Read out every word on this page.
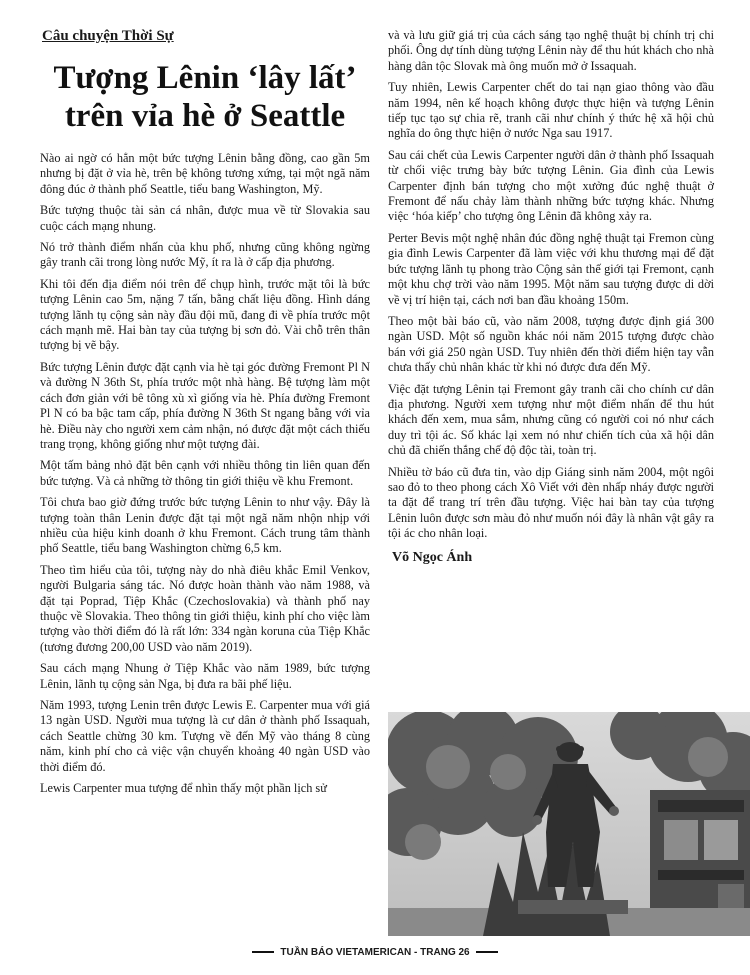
Câu chuyện Thời Sự
Tượng Lênin ‘lây lất’
trên vỉa hè ở Seattle

Nào ai ngờ có hẳn một bức tượng Lênin bằng đồng, cao gần 5m nhưng bị đặt ở vỉa hè, trên bệ không tương xứng, tại một ngã năm đông đúc ở thành phố Seattle, tiểu bang Washington, Mỹ.

Bức tượng thuộc tài sản cá nhân, được mua về từ Slovakia sau cuộc cách mạng nhung.

Nó trở thành điểm nhấn của khu phố, nhưng cũng không ngừng gây tranh cãi trong lòng nước Mỹ, ít ra là ở cấp địa phương.

Khi tôi đến địa điểm nói trên để chụp hình, trước mặt tôi là bức tượng Lênin cao 5m, nặng 7 tấn, bằng chất liệu đồng. Hình dáng tượng lãnh tụ cộng sản này đầu đội mũ, đang đi về phía trước một cách mạnh mẽ. Hai bàn tay của tượng bị sơn đỏ. Vài chỗ trên thân tượng bị vẽ bậy.

Bức tượng Lênin được đặt cạnh vỉa hè tại góc đường Fremont Pl N và đường N 36th St, phía trước một nhà hàng. Bệ tượng làm một cách đơn giản với bê tông xù xì giống vỉa hè. Phía đường Fremont Pl N có ba bậc tam cấp, phía đường N 36th St ngang bằng với vỉa hè. Điều này cho người xem cảm nhận, nó được đặt một cách thiếu trang trọng, không giống như một tượng đài.

Một tấm bảng nhỏ đặt bên cạnh với nhiều thông tin liên quan đến bức tượng. Và cả những tờ thông tin giới thiệu về khu Fremont.

Tôi chưa bao giờ đứng trước bức tượng Lênin to như vậy. Đây là tượng toàn thân Lenin được đặt tại một ngã năm nhộn nhịp với nhiều của hiệu kinh doanh ở khu Fremont. Cách trung tâm thành phố Seattle, tiểu bang Washington chừng 6,5 km.

Theo tìm hiểu của tôi, tượng này do nhà điêu khắc Emil Venkov, người Bulgaria sáng tác. Nó được hoàn thành vào năm 1988, và đặt tại Poprad, Tiệp Khắc (Czechoslovakia) và thành phố nay thuộc về Slovakia. Theo thông tin giới thiệu, kinh phí cho việc làm tượng vào thời điểm đó là rất lớn: 334 ngàn koruna của Tiệp Khắc (tương đương 200,00 USD vào năm 2019).

Sau cách mạng Nhung ở Tiệp Khắc vào năm 1989, bức tượng Lênin, lãnh tụ cộng sản Nga, bị đưa ra bãi phế liệu.

Năm 1993, tượng Lenin trên được Lewis E. Carpenter mua với giá 13 ngàn USD. Người mua tượng là cư dân ở thành phố Issaquah, cách Seattle chừng 30 km. Tượng về đến Mỹ vào tháng 8 cùng năm, kinh phí cho cả việc vận chuyển khoảng 40 ngàn USD vào thời điểm đó.

Lewis Carpenter mua tượng để nhìn thấy một phần lịch sử

và và lưu giữ giá trị của cách sáng tạo nghệ thuật bị chính trị chi phối. Ông dự tính dùng tượng Lênin này để thu hút khách cho nhà hàng dân tộc Slovak mà ông muốn mở ở Issaquah.

Tuy nhiên, Lewis Carpenter chết do tai nạn giao thông vào đầu năm 1994, nên kế hoạch không được thực hiện và tượng Lênin tiếp tục tạo sự chia rẽ, tranh cãi như chính ý thức hệ xã hội chủ nghĩa do ông thực hiện ở nước Nga sau 1917.

Sau cái chết của Lewis Carpenter người dân ở thành phố Issaquah từ chối việc trưng bày bức tượng Lênin. Gia đình của Lewis Carpenter định bán tượng cho một xưởng đúc nghệ thuật ở Fremont để nấu chảy làm thành những bức tượng khác. Nhưng việc ‘hóa kiếp’ cho tượng ông Lênin đã không xảy ra.

Perter Bevis một nghệ nhân đúc đồng nghệ thuật tại Fremon cùng gia đình Lewis Carpenter đã làm việc với khu thương mại để đặt bức tượng lãnh tụ phong trào Cộng sản thế giới tại Fremont, cạnh một khu chợ trời vào năm 1995. Một năm sau tượng được di dời về vị trí hiện tại, cách nơi ban đầu khoảng 150m.

Theo một bài báo cũ, vào năm 2008, tượng được định giá 300 ngàn USD. Một số nguồn khác nói năm 2015 tượng được chào bán với giá 250 ngàn USD. Tuy nhiên đến thời điểm hiện tay vẫn chưa thấy chủ nhân khác từ khi nó được đưa đến Mỹ.

Việc đặt tượng Lênin tại Fremont gây tranh cãi cho chính cư dân địa phương. Người xem tượng như một điểm nhấn để thu hút khách đến xem, mua sắm, nhưng cũng có người coi nó như cách duy trì tội ác. Số khác lại xem nó như chiến tích của xã hội dân chủ đã chiến thắng chế độ độc tài, toàn trị.

Nhiều tờ báo cũ đưa tin, vào dịp Giáng sinh năm 2004, một ngôi sao đỏ to theo phong cách Xô Viết với đèn nhấp nháy được người ta đặt để trang trí trên đầu tượng. Việc hai bàn tay của tượng Lênin luôn được sơn màu đỏ như muốn nói đây là nhân vật gây ra tội ác cho nhân loại.

Võ Ngọc Ánh
TUẦN BÁO VIETAMERICAN - TRANG 26
